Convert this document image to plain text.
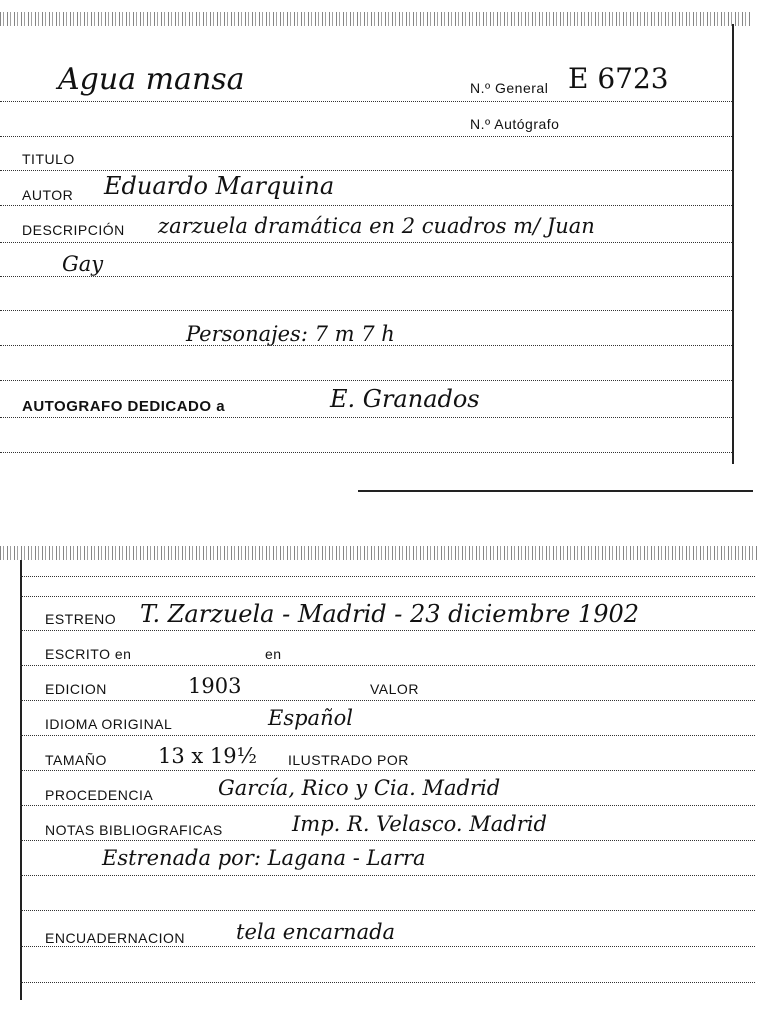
Agua mansa	N.º General E 6723
N.º Autógrafo
TITULO
AUTOR Eduardo Marquina
DESCRIPCIÓN zarzuela dramática en 2 cuadros m/ Juan
Gay
Personajes: 7 m 7 h
AUTOGRAFO DEDICADO a	E. Granados
ESTRENO T. Zarzuela - Madrid - 23 diciembre 1902
ESCRITO en	en
EDICION	1903	VALOR
IDIOMA ORIGINAL	Español
TAMAÑO 13 x 19½ ILUSTRADO POR
PROCEDENCIA	García, Rico y Cia. Madrid
NOTAS BIBLIOGRAFICAS	Imp. R. Velasco. Madrid
Estrenada por: Lagana - Larra
ENCUADERNACION tela encarnada
